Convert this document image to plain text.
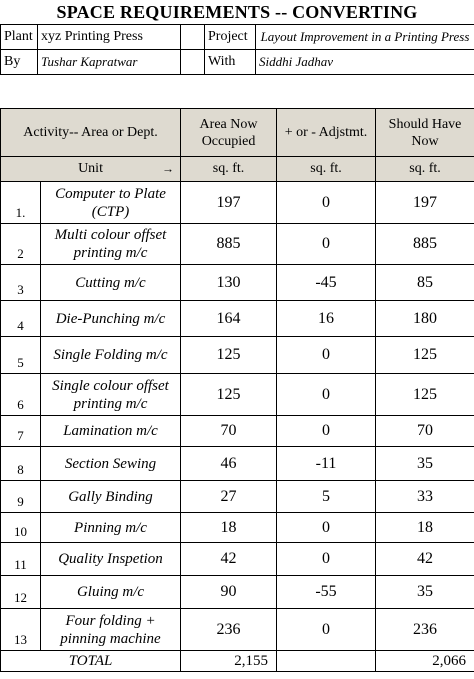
SPACE REQUIREMENTS -- CONVERTING
Plant	xyz Printing Press		Project	Layout Improvement in a Printing Press
By	Tushar Kapratwar		With	Siddhi Jadhav
Activity-- Area or Dept.		Area Now Occupied	+ or - Adjstmt.	Should Have Now
Unit →		sq. ft.	sq. ft.	sq. ft.
1.	Computer to Plate (CTP)	197	0	197
2	Multi colour offset printing m/c	885	0	885
3	Cutting m/c	130	-45	85
4	Die-Punching m/c	164	16	180
5	Single Folding m/c	125	0	125
6	Single colour offset printing m/c	125	0	125
7	Lamination m/c	70	0	70
8	Section Sewing	46	-11	35
9	Gally Binding	27	5	33
10	Pinning m/c	18	0	18
11	Quality Inspetion	42	0	42
12	Gluing m/c	90	-55	35
13	Four folding + pinning machine	236	0	236
TOTAL		2,155		2,066
